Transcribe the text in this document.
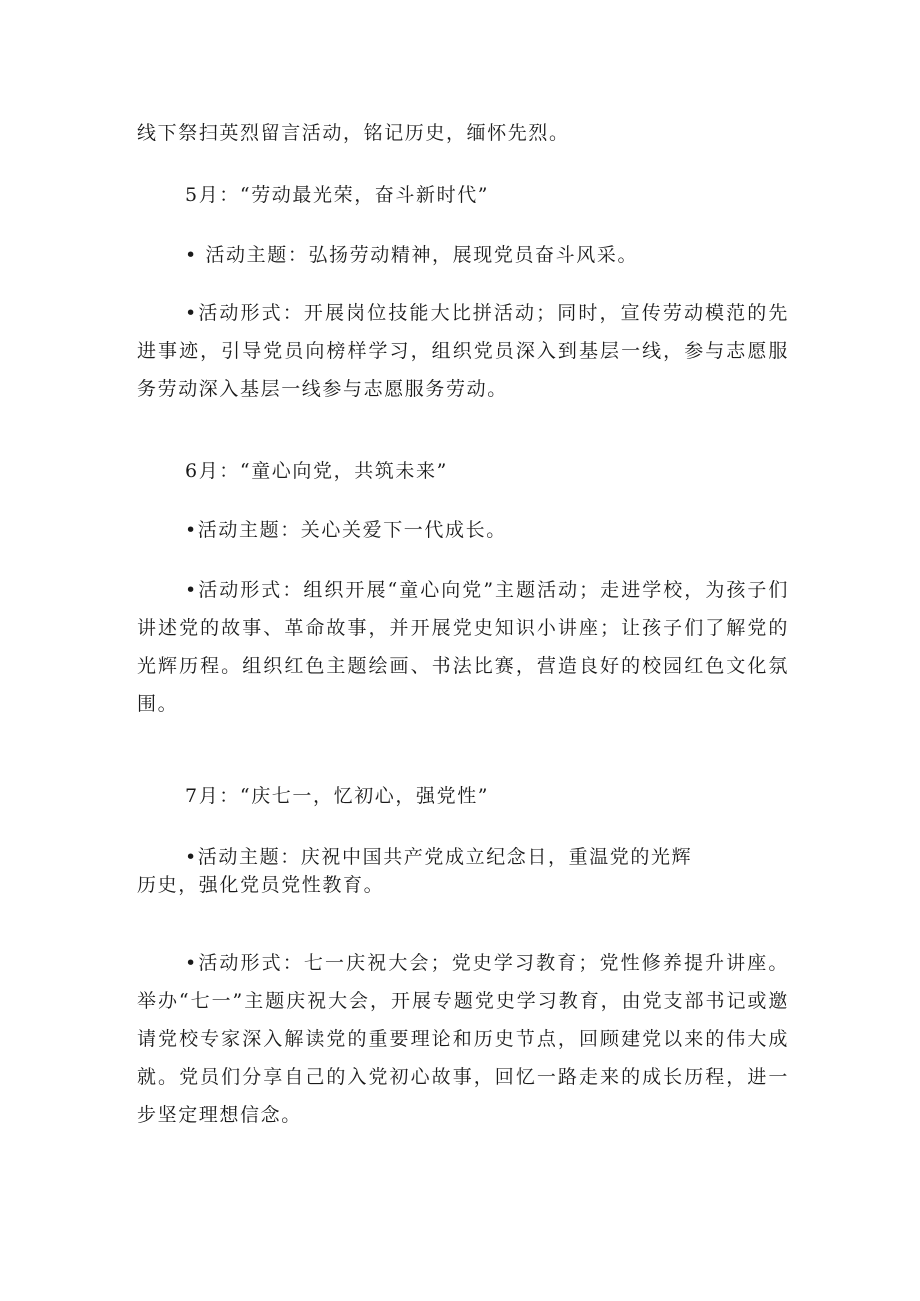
线下祭扫英烈留言活动，铭记历史，缅怀先烈。

5月：“劳动最光荣，奋斗新时代”

• 活动主题：弘扬劳动精神，展现党员奋斗风采。

•活动形式：开展岗位技能大比拼活动；同时，宣传劳动模范的先进事迹，引导党员向榜样学习，组织党员深入到基层一线，参与志愿服务劳动深入基层一线参与志愿服务劳动。

6月：“童心向党，共筑未来”

•活动主题：关心关爱下一代成长。

•活动形式：组织开展“童心向党”主题活动；走进学校，为孩子们讲述党的故事、革命故事，并开展党史知识小讲座；让孩子们了解党的光辉历程。组织红色主题绘画、书法比赛，营造良好的校园红色文化氛围。

7月：“庆七一，忆初心，强党性”

•活动主题：庆祝中国共产党成立纪念日，重温党的光辉

历史，强化党员党性教育。

•活动形式：七一庆祝大会；党史学习教育；党性修养提升讲座。举办“七一”主题庆祝大会，开展专题党史学习教育，由党支部书记或邀请党校专家深入解读党的重要理论和历史节点，回顾建党以来的伟大成就。党员们分享自己的入党初心故事，回忆一路走来的成长历程，进一步坚定理想信念。
